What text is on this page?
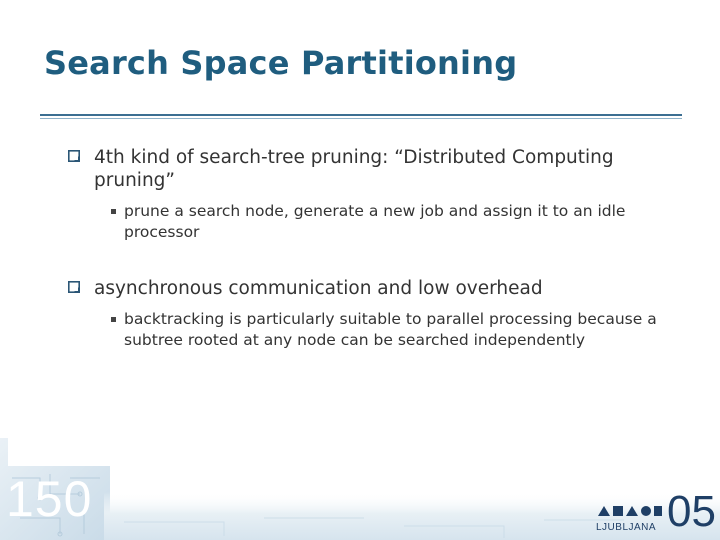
Search Space Partitioning
4th kind of search-tree pruning: “Distributed Computing pruning”
prune a search node, generate a new job and assign it to an idle processor
asynchronous communication and low overhead
backtracking is particularly suitable to parallel processing because a subtree rooted at any node can be searched independently
150
LJUBLJANA 05
